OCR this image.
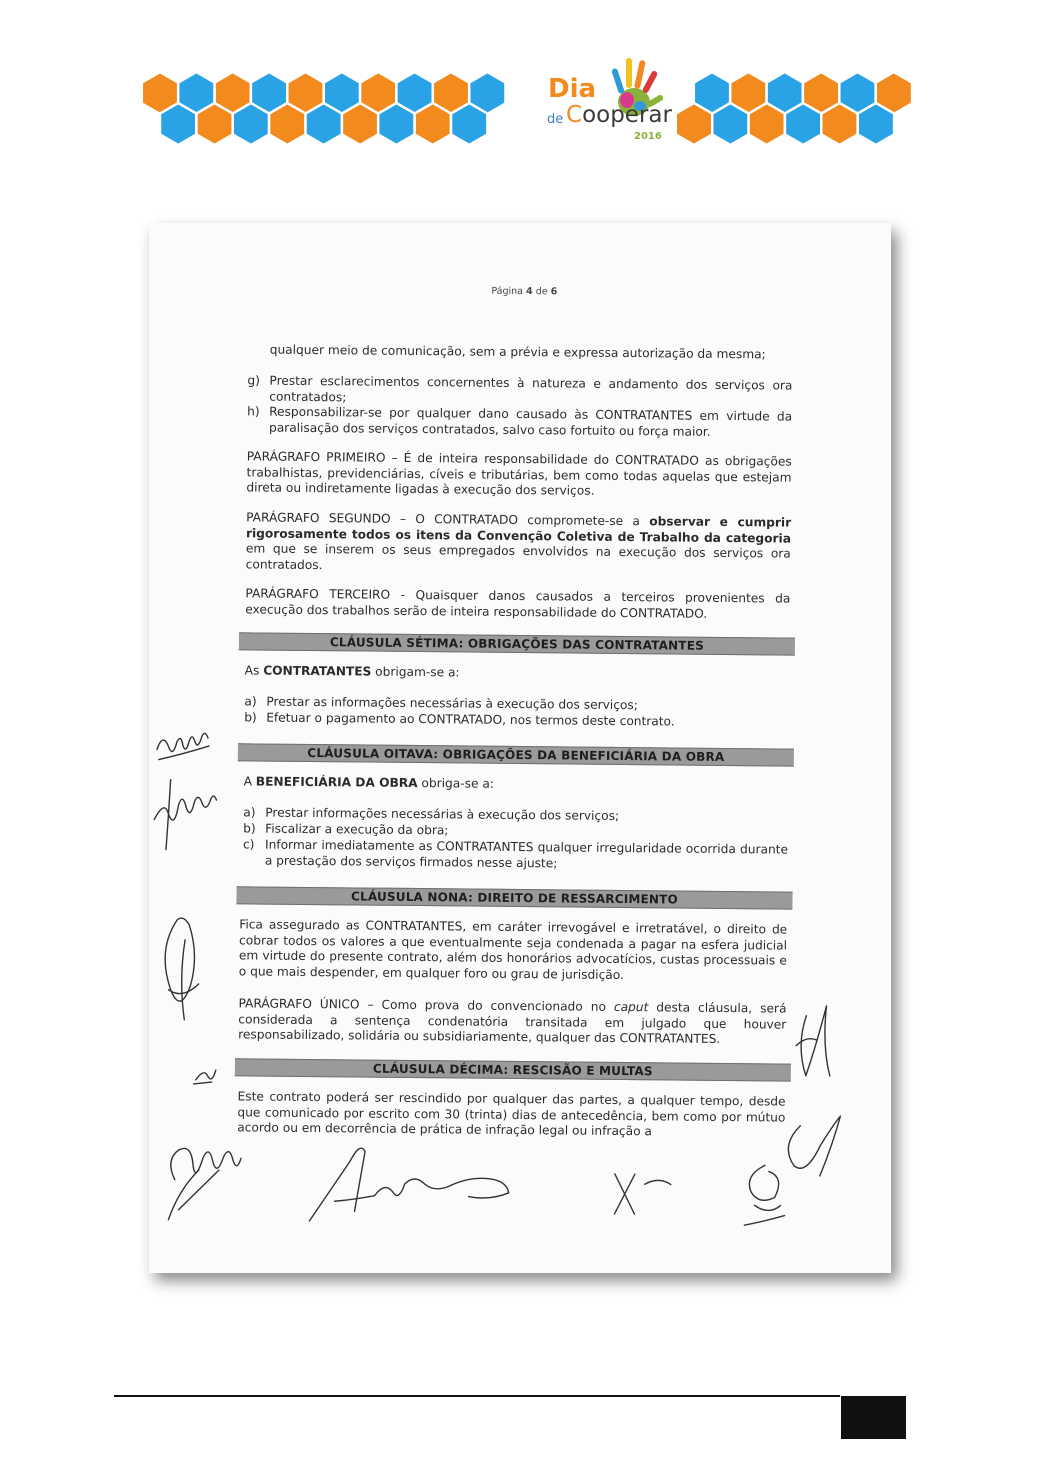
Dia
de Cooperar
2016
Página 4 de 6

qualquer meio de comunicação, sem a prévia e expressa autorização da mesma;

g) Prestar esclarecimentos concernentes à natureza e andamento dos serviços ora contratados;
h) Responsabilizar-se por qualquer dano causado às CONTRATANTES em virtude da paralisação dos serviços contratados, salvo caso fortuito ou força maior.

PARÁGRAFO PRIMEIRO – É de inteira responsabilidade do CONTRATADO as obrigações trabalhistas, previdenciárias, cíveis e tributárias, bem como todas aquelas que estejam direta ou indiretamente ligadas à execução dos serviços.

PARÁGRAFO SEGUNDO – O CONTRATADO compromete-se a observar e cumprir rigorosamente todos os itens da Convenção Coletiva de Trabalho da categoria em que se inserem os seus empregados envolvidos na execução dos serviços ora contratados.

PARÁGRAFO TERCEIRO - Quaisquer danos causados a terceiros provenientes da execução dos trabalhos serão de inteira responsabilidade do CONTRATADO.

CLÁUSULA SÉTIMA: OBRIGAÇÕES DAS CONTRATANTES

As CONTRATANTES obrigam-se a:

a) Prestar as informações necessárias à execução dos serviços;
b) Efetuar o pagamento ao CONTRATADO, nos termos deste contrato.
CLÁUSULA OITAVA: OBRIGAÇÕES DA BENEFICIÁRIA DA OBRA

A BENEFICIÁRIA DA OBRA obriga-se a:

a) Prestar informações necessárias à execução dos serviços;
b) Fiscalizar a execução da obra;
c) Informar imediatamente as CONTRATANTES qualquer irregularidade ocorrida durante a prestação dos serviços firmados nesse ajuste;
CLÁUSULA NONA: DIREITO DE RESSARCIMENTO

Fica assegurado as CONTRATANTES, em caráter irrevogável e irretratável, o direito de cobrar todos os valores a que eventualmente seja condenada a pagar na esfera judicial em virtude do presente contrato, além dos honorários advocatícios, custas processuais e o que mais despender, em qualquer foro ou grau de jurisdição.

PARÁGRAFO ÚNICO – Como prova do convencionado no caput desta cláusula, será considerada a sentença condenatória transitada em julgado que houver responsabilizado, solidária ou subsidiariamente, qualquer das CONTRATANTES.

CLÁUSULA DÉCIMA: RESCISÃO E MULTAS

Este contrato poderá ser rescindido por qualquer das partes, a qualquer tempo, desde que comunicado por escrito com 30 (trinta) dias de antecedência, bem como por mútuo acordo ou em decorrência de prática de infração legal ou infração a
